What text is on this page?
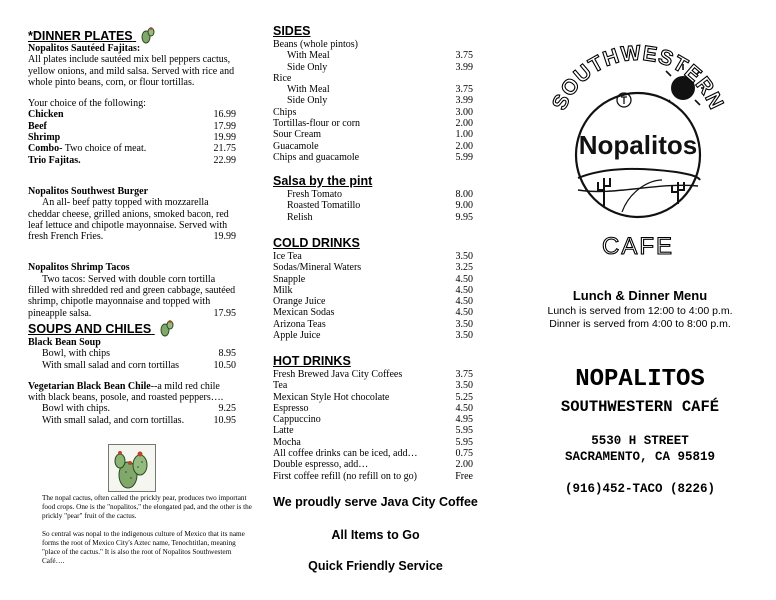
*DINNER PLATES
Nopalitos Sautéed Fajitas:
All plates include sautéed mix bell peppers cactus, yellow onions, and mild salsa. Served with rice and whole pinto beans, corn, or flour tortillas.
Your choice of the following:
Chicken	16.99
Beef	17.99
Shrimp	19.99
Combo- Two choice of meat.	21.75
Trio Fajitas.	22.99
Nopalitos Southwest Burger
An all- beef patty topped with mozzarella cheddar cheese, grilled anions, smoked bacon, red leaf lettuce and chipotle mayonnaise. Served with fresh French Fries.	19.99
Nopalitos Shrimp Tacos
Two tacos: Served with double corn tortilla filled with shredded red and green cabbage, sautéed shrimp, chipotle mayonnaise and topped with pineapple salsa.	17.95
SOUPS AND CHILES
Black Bean Soup
Bowl, with chips	8.95
With small salad and corn tortillas	10.50
Vegetarian Black Bean Chile--a mild red chile with black beans, posole, and roasted peppers….
Bowl with chips.	9.25
With small salad, and corn tortillas.	10.95
The nopal cactus, often called the prickly pear, produces two important food crops. One is the "nopalitos," the elongated pad, and the other is the prickly "pear" fruit of the cactus.
So central was nopal to the indigenous culture of Mexico that its name forms the root of Mexico City's Aztec name, Tenochtitlan, meaning "place of the cactus." It is also the root of Nopalitos Southwestern Café….
SIDES
Beans (whole pintos)
With Meal	3.75
Side Only	3.99
Rice
With Meal	3.75
Side Only	3.99
Chips	3.00
Tortillas-flour or corn	2.00
Sour Cream	1.00
Guacamole	2.00
Chips and guacamole	5.99
Salsa by the pint
Fresh Tomato	8.00
Roasted Tomatillo	9.00
Relish	9.95
COLD DRINKS
Ice Tea	3.50
Sodas/Mineral Waters	3.25
Snapple	4.50
Milk	4.50
Orange Juice	4.50
Mexican Sodas	4.50
Arizona Teas	3.50
Apple Juice	3.50
HOT DRINKS
Fresh Brewed Java City Coffees	3.75
Tea	3.50
Mexican Style Hot chocolate	5.25
Espresso	4.50
Cappuccino	4.95
Latte	5.95
Mocha	5.95
All coffee drinks can be iced, add…	0.75
Double espresso, add…	2.00
First coffee refill (no refill on to go)	Free
We proudly serve Java City Coffee
All Items to Go
Quick Friendly Service
SOUTHWESTERN
Nopalitos
CAFE
Lunch & Dinner Menu
Lunch is served from 12:00 to 4:00 p.m.
Dinner is served from 4:00 to 8:00 p.m.
NOPALITOS
SOUTHWESTERN CAFÉ
5530 H STREET
SACRAMENTO, CA 95819
(916)452-TACO (8226)
